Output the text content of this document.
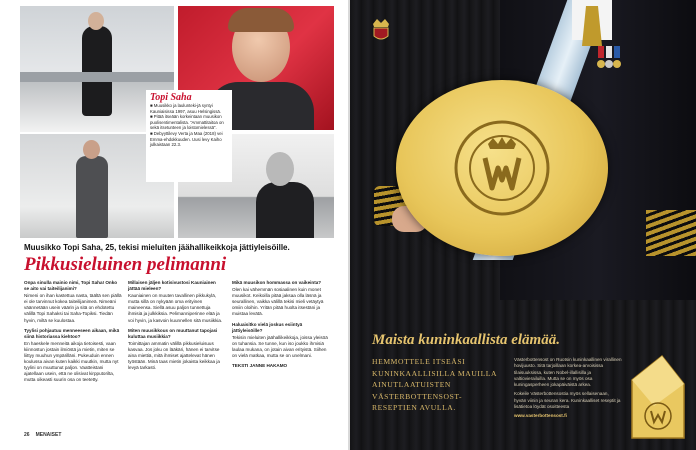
Topi Saha

■ Muusikko ja laulunteki-jä syntyi Kauniaisissa 1997, asuu Helsingissä.

■ Pitää itseään korkeintaan muusikon puolisentimentalista. ”Ammattitaitoa on sekä itsetunteen ja loistomielessä”.

■ Debyyttilevy Verta ja Maa (2018) vei Emma-ehdokkuuden. Uusi levy Kaiho julkaistaan 22.3.

Muusikko Topi Saha, 25, tekisi mieluiten jäähallikeikkoja jättiyleisöille.

Pikkusieluinen pelimanni

Onpa sinulla mainio nimi, Topi Saha! Onko se aito vai taiteilijanimi?

Nimeni on ihan kastettua nasta, täältä sen piällä ei ole tarvinnut kokea taiteilijanimeä. Nimeäni väännetään usein väärin ja sitä on ehdotettu välillä Topi Sahaksi tai Saha-Topiksi. Tiedän hyvin, miltä se kuulostaa.

Tyylisi pohjautuu menneeseen aikaan, mikä siinä historiassa kiehtoo?

En haeskele menneitä aikoja tietoisesti, vaan kiinnostun jostain ilmiöstä ja mietin, miten se liittyy muuhun ympärilläni. Pukeuduin ennen koulussa aivan kuten kaikki muutkin, mutta nyt tyylini on muuttunut paljon. Vaatteistani ajatellaan usein, että ne olisivat kirpputorilta, mutta oikeasti suurin osa on teetetty.

Millaisen jäljen kotisivustosi Kauniainen jättää mieleen?

Kauniainen on muuten tavallinen pikkukylä, mutta sillä on nykyään oma erityinen maineensa. Siellä asuu paljon tunnettuja ihmisiä ja julkkiksia. Pelimanniperinne elää ja voi hyvin, ja kasvoin kuunnellen sitä musiikkia.

Miten muusikkous on muuttanut tapojasi kuluttaa musiikkia?

Toimittajan ammatin välillä pikkusieluisuus kasvaa. Jos joku on lääkäri, hänen ei tarvitse aina miettiä, mitä ihmiset ajattelevat hänen työstään. Minä taas mietin jokaista keikkaa ja levyä tarkasti.

Mikä muusikon hommassa on vaikeinta?

Olen kai vähemmän sosiaalinen kuin monet muusikot. Keikoilla pitää jaksaa olla läsnä ja seurallinen, vaikka välillä tekisi mieli vetäytyä omiin oloihin. Yritän pitää huolta itsestäni ja muistaa levätä.

Haluaisitko vielä joskus esiintyä jättiyleisöille?

Tekisin mieluiten jäähallikeikkoja, joissa yleisöä on tuhansia. Se tunne, kun iso joukko ihmisiä laulaa mukana, on jotain aivan erityistä. Siihen on vielä matkaa, mutta se on unelmani.

TEKSTI JANNE HAKAMO

26 MENAISET
Maista kuninkaallista elämää.

HEMMOTTELE ITSEÄSI KUNINKAALLISILLA MAUILLA AINUTLAATUISTEN VÄSTERBOTTENSOST-RESEPTIEN AVULLA.

Västerbottensost on Ruotsin kuninkaallinen virallinen hovijuusto. Sitä tarjoillaan korkea-arvoisissa tilaisuuksissa, kuten Nobel-illallisilla ja valtiovierailuilla. Mutta se on myös osa kuningasperheen jokapäiväistä arkea.

Kokeile Västerbottensostia myös sellaisenaan, hyvän viinin ja seuran kera. Kuninkaalliset reseptit ja lisätietoa löydät osoitteesta

www.vasterbottensost.fi
